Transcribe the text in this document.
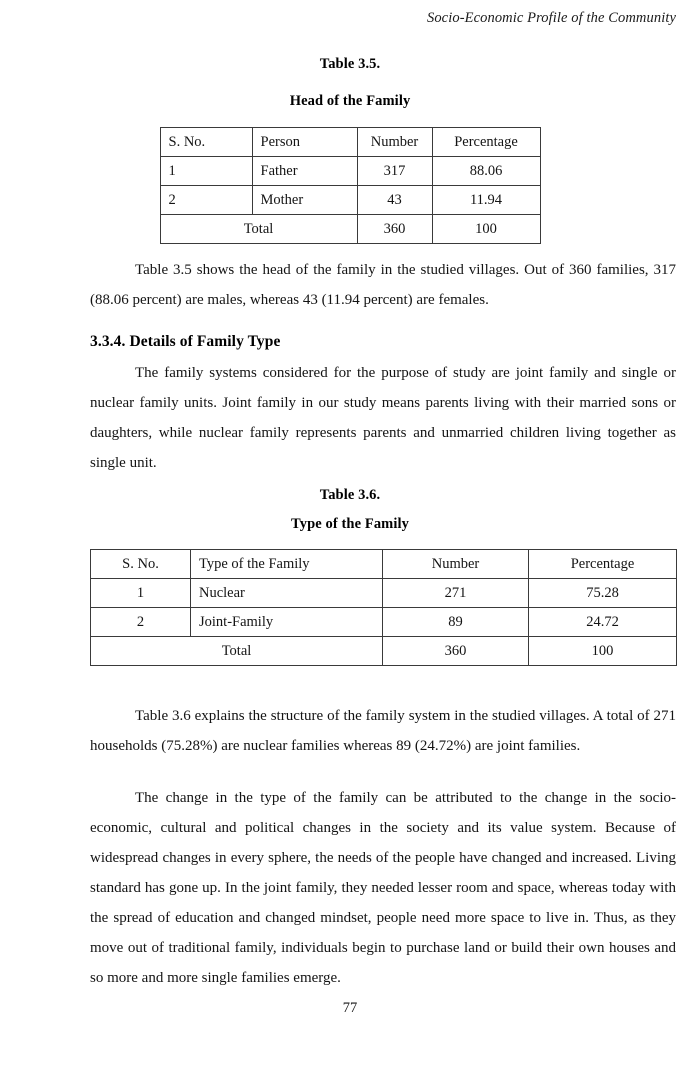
Socio-Economic Profile of the Community
Table 3.5.
Head of the Family
S. No.	Person	Number	Percentage
1	Father	317	88.06
2	Mother	43	11.94
Total		360	100

Table 3.5 shows the head of the family in the studied villages. Out of 360 families, 317 (88.06 percent) are males, whereas 43 (11.94 percent) are females.

3.3.4. Details of Family Type

The family systems considered for the purpose of study are joint family and single or nuclear family units. Joint family in our study means parents living with their married sons or daughters, while nuclear family represents parents and unmarried children living together as single unit.

Table 3.6.
Type of the Family
S. No.	Type of the Family	Number	Percentage
1	Nuclear	271	75.28
2	Joint-Family	89	24.72
Total		360	100

Table 3.6 explains the structure of the family system in the studied villages. A total of 271 households (75.28%) are nuclear families whereas 89 (24.72%) are joint families.

The change in the type of the family can be attributed to the change in the socio-economic, cultural and political changes in the society and its value system. Because of widespread changes in every sphere, the needs of the people have changed and increased. Living standard has gone up. In the joint family, they needed lesser room and space, whereas today with the spread of education and changed mindset, people need more space to live in. Thus, as they move out of traditional family, individuals begin to purchase land or build their own houses and so more and more single families emerge.

77
